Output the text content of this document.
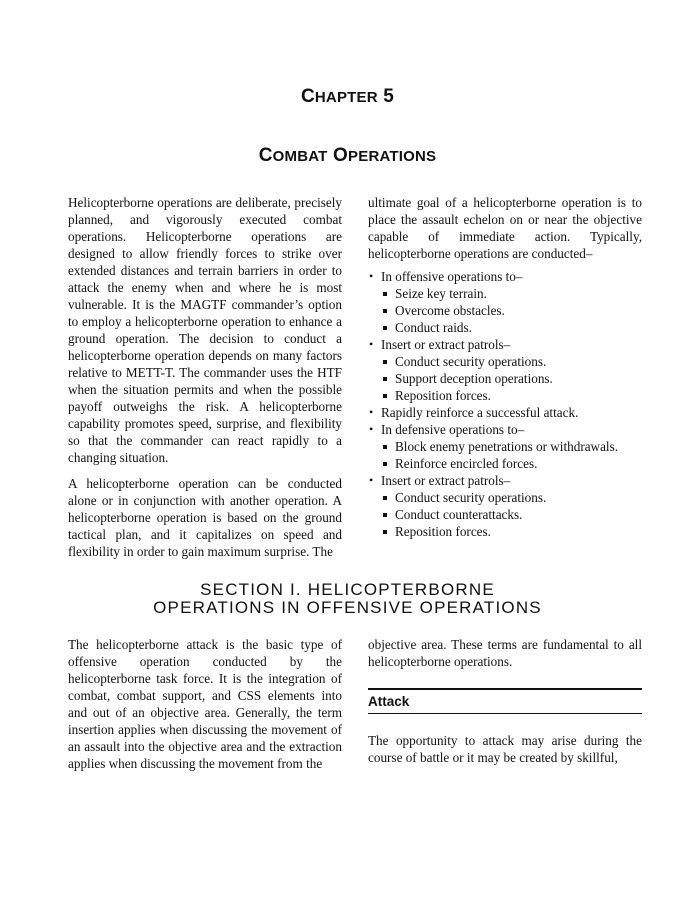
CHAPTER 5
COMBAT OPERATIONS

Helicopterborne operations are deliberate, precisely planned, and vigorously executed combat operations. Helicopterborne operations are designed to allow friendly forces to strike over extended distances and terrain barriers in order to attack the enemy when and where he is most vulnerable. It is the MAGTF commander’s option to employ a helicopterborne operation to enhance a ground operation. The decision to conduct a helicopterborne operation depends on many factors relative to METT-T. The commander uses the HTF when the situation permits and when the possible payoff outweighs the risk. A helicopterborne capability promotes speed, surprise, and flexibility so that the commander can react rapidly to a changing situation.

A helicopterborne operation can be conducted alone or in conjunction with another operation. A helicopterborne operation is based on the ground tactical plan, and it capitalizes on speed and flexibility in order to gain maximum surprise. The

ultimate goal of a helicopterborne operation is to place the assault echelon on or near the objective capable of immediate action. Typically, helicopterborne operations are conducted–

• In offensive operations to–
Seize key terrain.
Overcome obstacles.
Conduct raids.
• Insert or extract patrols–
Conduct security operations.
Support deception operations.
Reposition forces.
• Rapidly reinforce a successful attack.
• In defensive operations to–
Block enemy penetrations or withdrawals.
Reinforce encircled forces.
• Insert or extract patrols–
Conduct security operations.
Conduct counterattacks.
Reposition forces.
SECTION I. HELICOPTERBORNE
OPERATIONS IN OFFENSIVE OPERATIONS

The helicopterborne attack is the basic type of offensive operation conducted by the helicopterborne task force. It is the integration of combat, combat support, and CSS elements into and out of an objective area. Generally, the term insertion applies when discussing the movement of an assault into the objective area and the extraction applies when discussing the movement from the

objective area. These terms are fundamental to all helicopterborne operations.

Attack

The opportunity to attack may arise during the course of battle or it may be created by skillful,
